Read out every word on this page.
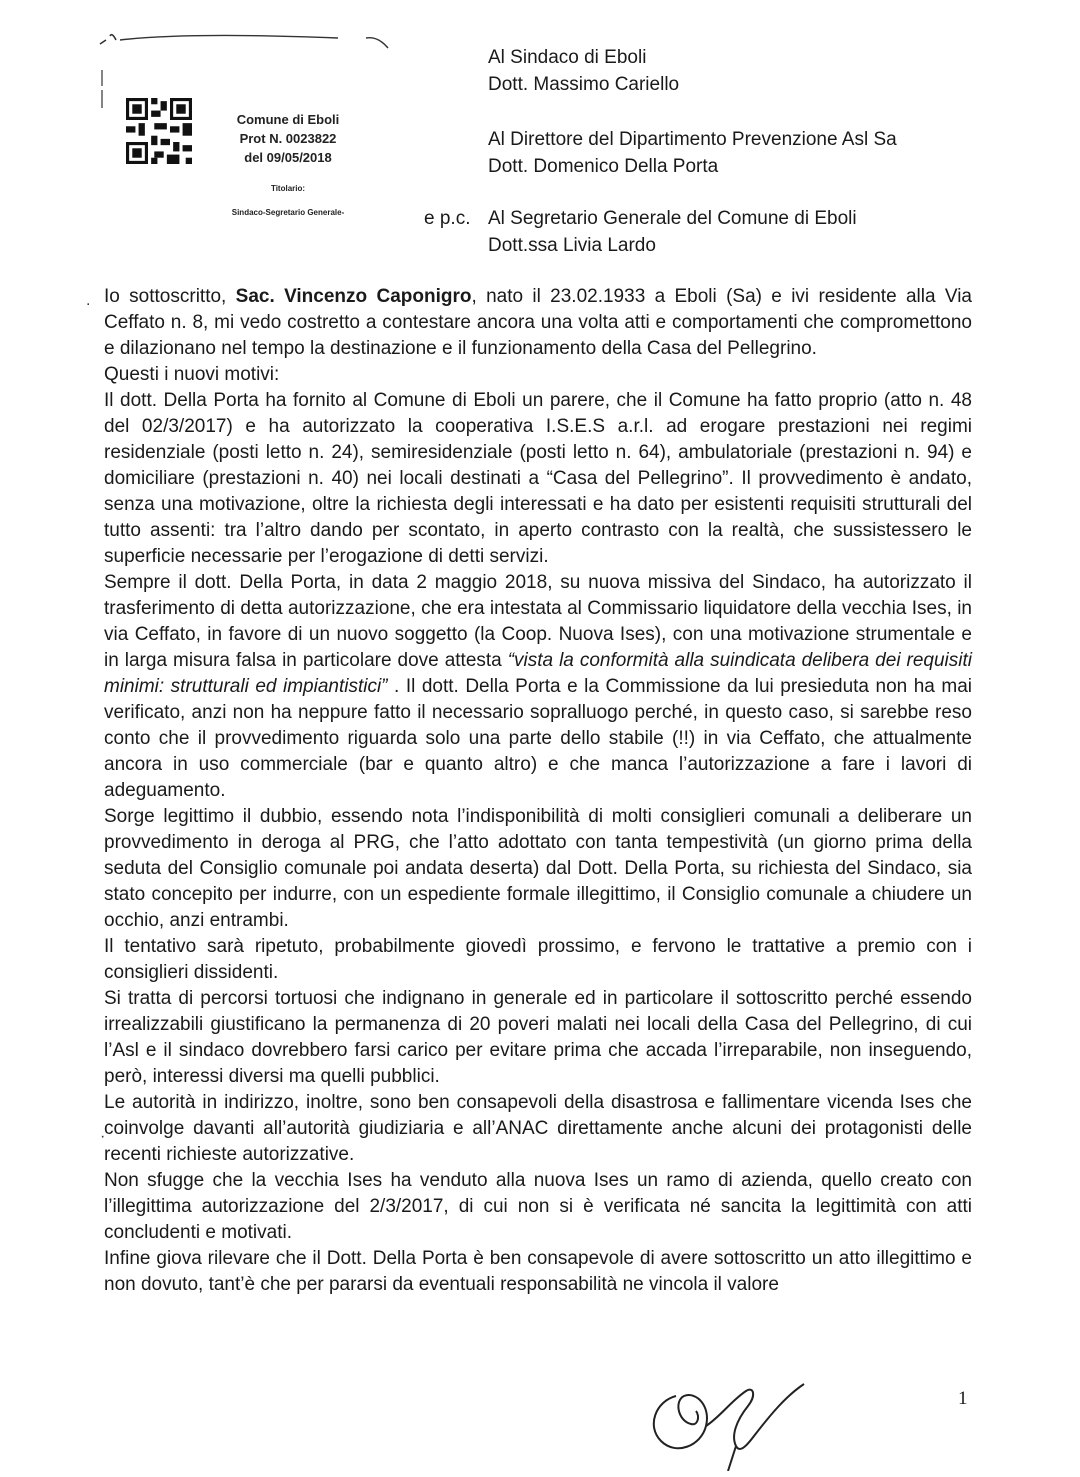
Comune di Eboli
Prot N. 0023822
del 09/05/2018
Titolario:
Sindaco-Segretario Generale-
Al Sindaco di Eboli
Dott. Massimo Cariello
Al Direttore del Dipartimento Prevenzione Asl Sa
Dott. Domenico Della Porta
e p.c. Al Segretario Generale del Comune di Eboli
Dott.ssa Livia Lardo

Io sottoscritto, Sac. Vincenzo Caponigro, nato il 23.02.1933 a Eboli (Sa) e ivi residente alla Via Ceffato n. 8, mi vedo costretto a contestare ancora una volta atti e comportamenti che compromettono e dilazionano nel tempo la destinazione e il funzionamento della Casa del Pellegrino.

Questi i nuovi motivi:

Il dott. Della Porta ha fornito al Comune di Eboli un parere, che il Comune ha fatto proprio (atto n. 48 del 02/3/2017) e ha autorizzato la cooperativa I.S.E.S a.r.l. ad erogare prestazioni nei regimi residenziale (posti letto n. 24), semiresidenziale (posti letto n. 64), ambulatoriale (prestazioni n. 94) e domiciliare (prestazioni n. 40) nei locali destinati a “Casa del Pellegrino”. Il provvedimento è andato, senza una motivazione, oltre la richiesta degli interessati e ha dato per esistenti requisiti strutturali del tutto assenti: tra l’altro dando per scontato, in aperto contrasto con la realtà, che sussistessero le superficie necessarie per l’erogazione di detti servizi.

Sempre il dott. Della Porta, in data 2 maggio 2018, su nuova missiva del Sindaco, ha autorizzato il trasferimento di detta autorizzazione, che era intestata al Commissario liquidatore della vecchia Ises, in via Ceffato, in favore di un nuovo soggetto (la Coop. Nuova Ises), con una motivazione strumentale e in larga misura falsa in particolare dove attesta “vista la conformità alla suindicata delibera dei requisiti minimi: strutturali ed impiantistici” . Il dott. Della Porta e la Commissione da lui presieduta non ha mai verificato, anzi non ha neppure fatto il necessario sopralluogo perché, in questo caso, si sarebbe reso conto che il provvedimento riguarda solo una parte dello stabile (!!) in via Ceffato, che attualmente ancora in uso commerciale (bar e quanto altro) e che manca l’autorizzazione a fare i lavori di adeguamento.

Sorge legittimo il dubbio, essendo nota l’indisponibilità di molti consiglieri comunali a deliberare un provvedimento in deroga al PRG, che l’atto adottato con tanta tempestività (un giorno prima della seduta del Consiglio comunale poi andata deserta) dal Dott. Della Porta, su richiesta del Sindaco, sia stato concepito per indurre, con un espediente formale illegittimo, il Consiglio comunale a chiudere un occhio, anzi entrambi.

Il tentativo sarà ripetuto, probabilmente giovedì prossimo, e fervono le trattative a premio con i consiglieri dissidenti.

Si tratta di percorsi tortuosi che indignano in generale ed in particolare il sottoscritto perché essendo irrealizzabili giustificano la permanenza di 20 poveri malati nei locali della Casa del Pellegrino, di cui l’Asl e il sindaco dovrebbero farsi carico per evitare prima che accada l’irreparabile, non inseguendo, però, interessi diversi ma quelli pubblici.

Le autorità in indirizzo, inoltre, sono ben consapevoli della disastrosa e fallimentare vicenda Ises che coinvolge davanti all’autorità giudiziaria e all’ANAC direttamente anche alcuni dei protagonisti delle recenti richieste autorizzative.

Non sfugge che la vecchia Ises ha venduto alla nuova Ises un ramo di azienda, quello creato con l’illegittima autorizzazione del 2/3/2017, di cui non si è verificata né sancita la legittimità con atti concludenti e motivati.

Infine giova rilevare che il Dott. Della Porta è ben consapevole di avere sottoscritto un atto illegittimo e non dovuto, tant’è che per pararsi da eventuali responsabilità ne vincola il valore

.
·
1
